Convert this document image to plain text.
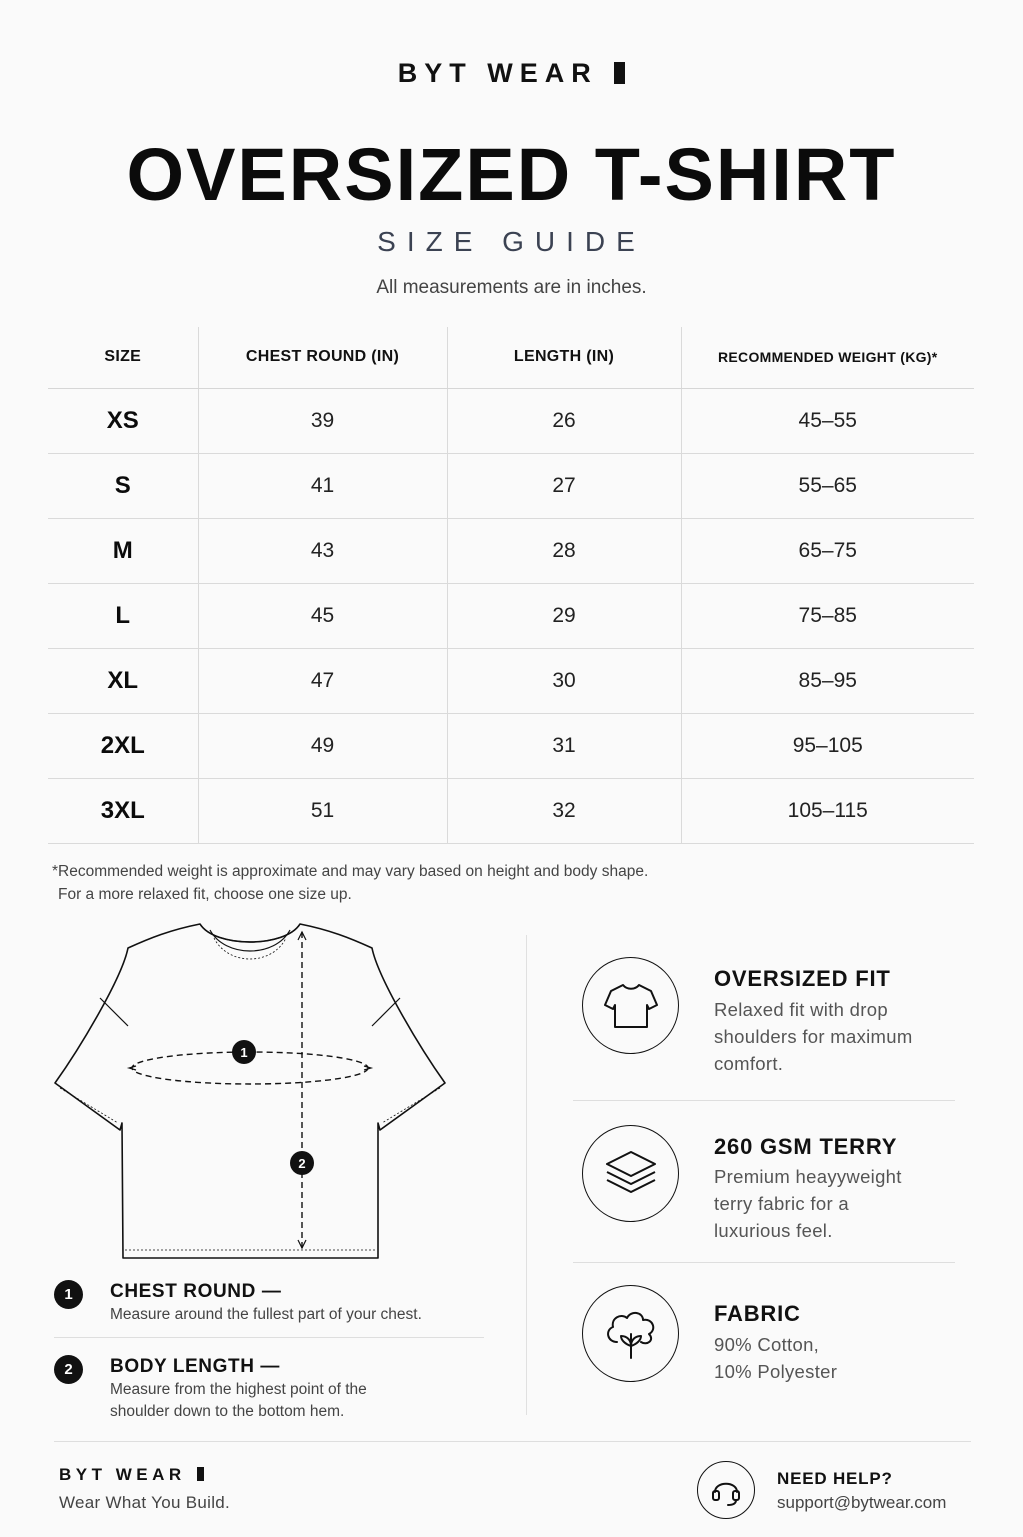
BYT WEAR
OVERSIZED T-SHIRT
SIZE GUIDE
All measurements are in inches.
SIZE	CHEST ROUND (IN)	LENGTH (IN)	RECOMMENDED WEIGHT (KG)*
XS	39	26	45–55
S	41	27	55–65
M	43	28	65–75
L	45	29	75–85
XL	47	30	85–95
2XL	49	31	95–105
3XL	51	32	105–115
*Recommended weight is approximate and may vary based on height and body shape.
For a more relaxed fit, choose one size up.
1
2
1	CHEST ROUND —
Measure around the fullest part of your chest.
2	BODY LENGTH —
Measure from the highest point of the
shoulder down to the bottom hem.
OVERSIZED FIT
Relaxed fit with drop
shoulders for maximum
comfort.
260 GSM TERRY
Premium heayyweight
terry fabric for a
luxurious feel.
FABRIC
90% Cotton,
10% Polyester
BYT WEAR
Wear What You Build.
NEED HELP?
support@bytwear.com
